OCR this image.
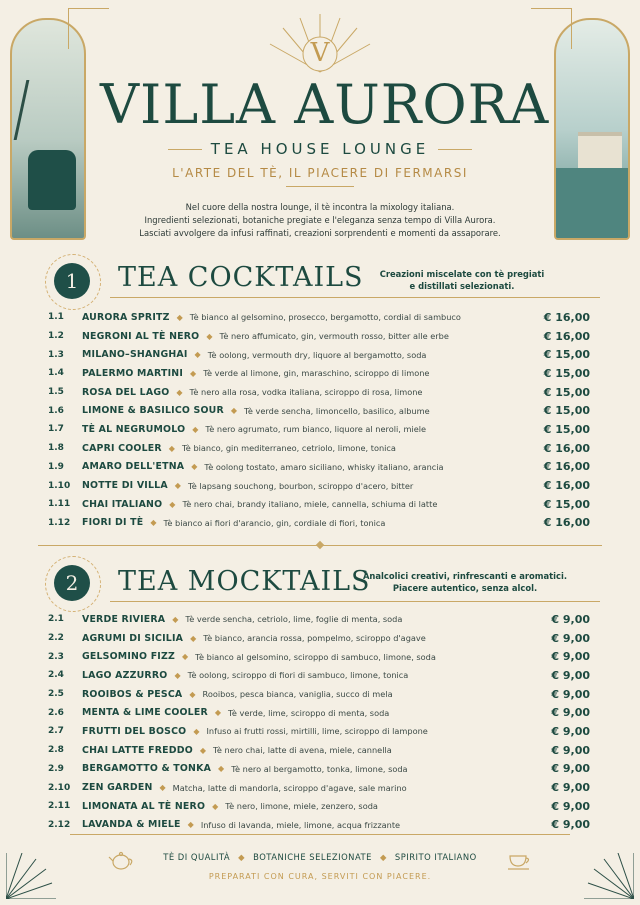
V
VILLA AURORA
TEA HOUSE LOUNGE
L'ARTE DEL TÈ, IL PIACERE DI FERMARSI
Nel cuore della nostra lounge, il tè incontra la mixology italiana.
Ingredienti selezionati, botaniche pregiate e l'eleganza senza tempo di Villa Aurora.
Lasciati avvolgere da infusi raffinati, creazioni sorprendenti e momenti da assaporare.
1	TEA COCKTAILS	Creazioni miscelate con tè pregiati
e distillati selezionati.
1.1	AURORA SPRITZ ◆ Tè bianco al gelsomino, prosecco, bergamotto, cordial di sambuco	€ 16,00
1.2	NEGRONI AL TÈ NERO ◆ Tè nero affumicato, gin, vermouth rosso, bitter alle erbe	€ 16,00
1.3	MILANO–SHANGHAI ◆ Tè oolong, vermouth dry, liquore al bergamotto, soda	€ 15,00
1.4	PALERMO MARTINI ◆ Tè verde al limone, gin, maraschino, sciroppo di limone	€ 15,00
1.5	ROSA DEL LAGO ◆ Tè nero alla rosa, vodka italiana, sciroppo di rosa, limone	€ 15,00
1.6	LIMONE & BASILICO SOUR ◆ Tè verde sencha, limoncello, basilico, albume	€ 15,00
1.7	TÈ AL NEGRUMOLO ◆ Tè nero agrumato, rum bianco, liquore al neroli, miele	€ 15,00
1.8	CAPRI COOLER ◆ Tè bianco, gin mediterraneo, cetriolo, limone, tonica	€ 16,00
1.9	AMARO DELL'ETNA ◆ Tè oolong tostato, amaro siciliano, whisky italiano, arancia	€ 16,00
1.10	NOTTE DI VILLA ◆ Tè lapsang souchong, bourbon, sciroppo d'acero, bitter	€ 16,00
1.11	CHAI ITALIANO ◆ Tè nero chai, brandy italiano, miele, cannella, schiuma di latte	€ 15,00
1.12	FIORI DI TÈ ◆ Tè bianco ai fiori d'arancio, gin, cordiale di fiori, tonica	€ 16,00
2	TEA MOCKTAILS
Analcolici creativi, rinfrescanti e aromatici.
Piacere autentico, senza alcol.
2.1	VERDE RIVIERA ◆ Tè verde sencha, cetriolo, lime, foglie di menta, soda	€ 9,00
2.2	AGRUMI DI SICILIA ◆ Tè bianco, arancia rossa, pompelmo, sciroppo d'agave	€ 9,00
2.3	GELSOMINO FIZZ ◆ Tè bianco al gelsomino, sciroppo di sambuco, limone, soda	€ 9,00
2.4	LAGO AZZURRO ◆ Tè oolong, sciroppo di fiori di sambuco, limone, tonica	€ 9,00
2.5	ROOIBOS & PESCA ◆ Rooibos, pesca bianca, vaniglia, succo di mela	€ 9,00
2.6	MENTA & LIME COOLER ◆ Tè verde, lime, sciroppo di menta, soda	€ 9,00
2.7	FRUTTI DEL BOSCO ◆ Infuso ai frutti rossi, mirtilli, lime, sciroppo di lampone	€ 9,00
2.8	CHAI LATTE FREDDO ◆ Tè nero chai, latte di avena, miele, cannella	€ 9,00
2.9	BERGAMOTTO & TONKA ◆ Tè nero al bergamotto, tonka, limone, soda	€ 9,00
2.10	ZEN GARDEN ◆ Matcha, latte di mandorla, sciroppo d'agave, sale marino	€ 9,00
2.11	LIMONATA AL TÈ NERO ◆ Tè nero, limone, miele, zenzero, soda	€ 9,00
2.12	LAVANDA & MIELE ◆ Infuso di lavanda, miele, limone, acqua frizzante	€ 9,00
TÈ DI QUALITÀ ◆ BOTANICHE SELEZIONATE ◆ SPIRITO ITALIANO
PREPARATI CON CURA, SERVITI CON PIACERE.
